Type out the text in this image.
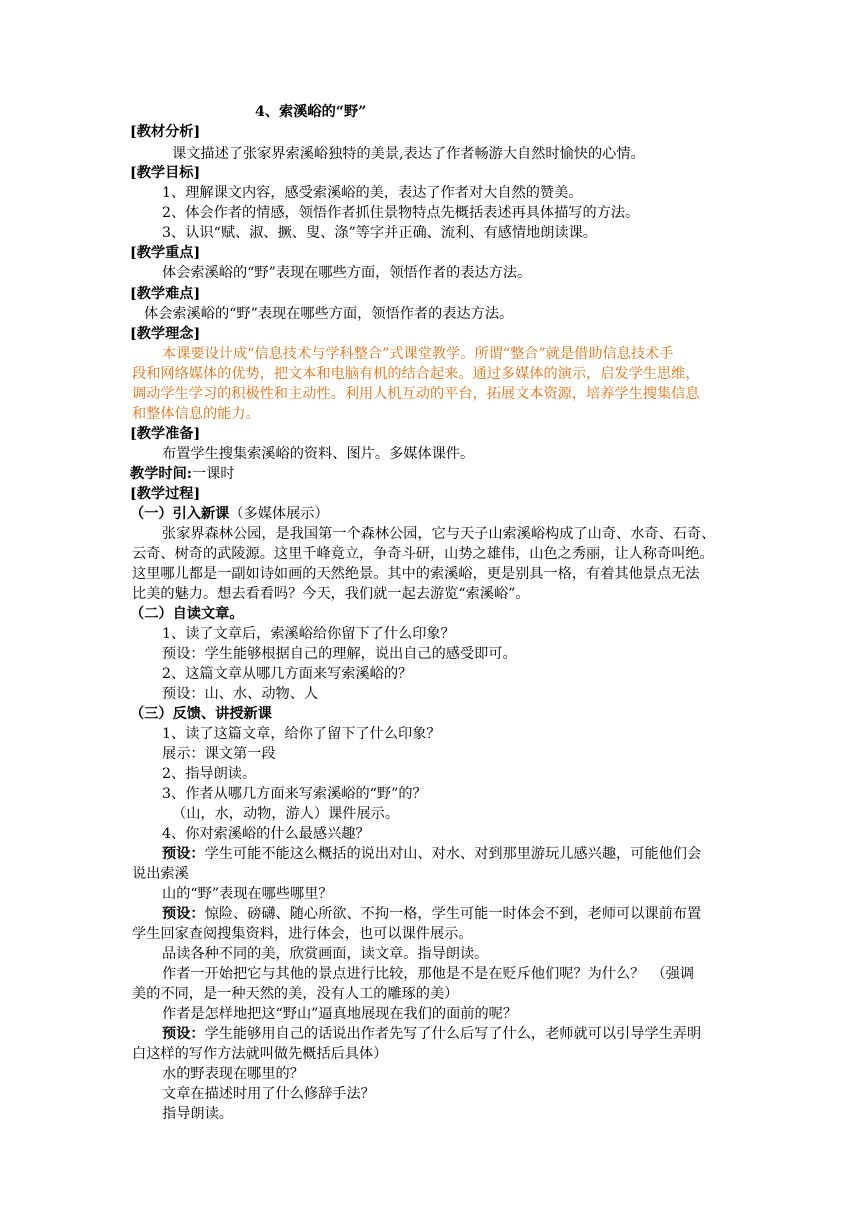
4、索溪峪的“野”
[教材分析]
课文描述了张家界索溪峪独特的美景,表达了作者畅游大自然时愉快的心情。
[教学目标]
1、理解课文内容，感受索溪峪的美，表达了作者对大自然的赞美。
2、体会作者的情感，领悟作者抓住景物特点先概括表述再具体描写的方法。
3、认识“赋、淑、撅、叟、涤”等字并正确、流利、有感情地朗读课。
[教学重点]
体会索溪峪的“野”表现在哪些方面，领悟作者的表达方法。
[教学难点]
体会索溪峪的“野”表现在哪些方面，领悟作者的表达方法。
[教学理念]
本课要设计成“信息技术与学科整合”式课堂教学。所谓“整合”就是借助信息技术手
段和网络媒体的优势，把文本和电脑有机的结合起来。通过多媒体的演示，启发学生思维，
调动学生学习的积极性和主动性。利用人机互动的平台，拓展文本资源，培养学生搜集信息
和整体信息的能力。
[教学准备]
布置学生搜集索溪峪的资料、图片。多媒体课件。
教学时间:一课时
[教学过程]
（一）引入新课（多媒体展示）
张家界森林公园，是我国第一个森林公园，它与天子山索溪峪构成了山奇、水奇、石奇、
云奇、树奇的武陵源。这里千峰竟立，争奇斗研，山势之雄伟，山色之秀丽，让人称奇叫绝。
这里哪儿都是一副如诗如画的天然绝景。其中的索溪峪，更是别具一格，有着其他景点无法
比美的魅力。想去看看吗？今天，我们就一起去游览“索溪峪”。
（二）自读文章。
1、读了文章后，索溪峪给你留下了什么印象？
预设：学生能够根据自己的理解，说出自己的感受即可。
2、这篇文章从哪几方面来写索溪峪的？
预设：山、水、动物、人
（三）反馈、讲授新课
1、读了这篇文章，给你了留下了什么印象？
展示：课文第一段
2、指导朗读。
3、作者从哪几方面来写索溪峪的“野”的？
（山，水，动物，游人）课件展示。
4、你对索溪峪的什么最感兴趣？
预设：学生可能不能这么概括的说出对山、对水、对到那里游玩儿感兴趣，可能他们会
说出索溪
山的“野”表现在哪些哪里？
预设：惊险、磅礴、随心所欲、不拘一格，学生可能一时体会不到，老师可以课前布置
学生回家查阅搜集资料，进行体会，也可以课件展示。
品读各种不同的美，欣赏画面，读文章。指导朗读。
作者一开始把它与其他的景点进行比较，那他是不是在贬斥他们呢？为什么？　（强调
美的不同，是一种天然的美，没有人工的雕琢的美）
作者是怎样地把这“野山”逼真地展现在我们的面前的呢？
预设：学生能够用自己的话说出作者先写了什么后写了什么，老师就可以引导学生弄明
白这样的写作方法就叫做先概括后具体）
水的野表现在哪里的？
文章在描述时用了什么修辞手法？
指导朗读。
